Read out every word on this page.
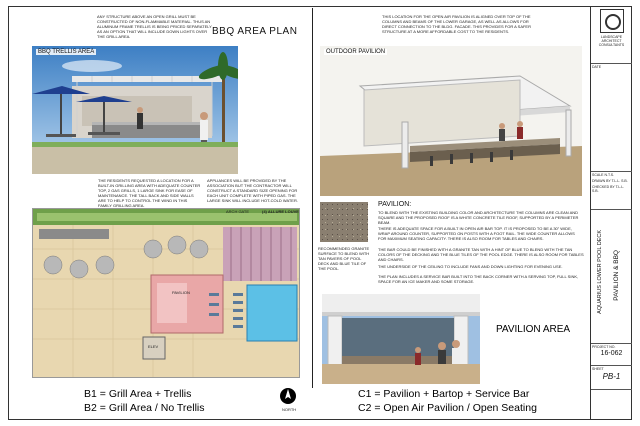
ANY STRUCTURE ABOVE AN OPEN GRILL MUST BE CONSTRUCTED OF NON-FLAMMABLE MATERIAL. THUS AN ALUMINUM FRAME TRELLIS IS BEING PRICED SEPARATELY AS AN OPTION THAT WILL INCLUDE DOWN LIGHTS OVER THE GRILL AREA.	BBQ AREA PLAN
BBQ TRELLIS AREA
THE RESIDENTS REQUESTED A LOCATION FOR A BUILT-IN GRILLING AREA WITH ADEQUATE COUNTER TOP, 2 GAS GRILLS, 1 LARGE SINK FOR EASE OF MAINTENANCE. THE TALL BACK AND SIDE WALLS ARE TO HELP TO CONTROL THE WIND IN THIS FAMILY GRILLING AREA.
APPLIANCES WILL BE PROVIDED BY THE ASSOCIATION BUT THE CONTRACTOR WILL CONSTRUCT A STANDARD SIZE OPENING FOR EACH UNIT COMPLETE WITH PIPED GAS. THE LARGE SINK WILL INCLUDE HOT-COLD WATER.
ARCH GATE	(4) ALLURE LOUVE
PAVILION
ELEV
B1 = Grill Area + Trellis
B2 = Grill Area / No Trellis	NORTH
THIS LOCATION FOR THE OPEN AIR PAVILION IS ALIGNED OVER TOP OF THE COLUMNS AND BEAMS OF THE LOWER GARAGE, AS WELL AS ALLOWS FOR DIRECT CONNECTION TO THE BLDG. FACADE. THIS PROVIDES FOR A SAFER STRUCTURE AT A MORE AFFORDABLE COST TO THE RESIDENTS.
OUTDOOR PAVILION
RECOMMENDED GRANITE SURFACE TO BLEND WITH TAN PAVERS OF POOL DECK AND BLUE TILE OF THE POOL.
PAVILION:
TO BLEND WITH THE EXISTING BUILDING COLOR AND ARCHITECTURE THE COLUMNS ARE CLEAN AND SQUARE AND THE PROPOSED ROOF IS A WHITE CONCRETE TILE ROOF, SUPPORTED BY A PERIMETER BEAM.
THERE IS ADEQUATE SPACE FOR A BUILT IN OPEN AIR BAR TOP. IT IS PROPOSED TO BE A 30" WIDE, WRAP AROUND COUNTER, SUPPORTED ON POSTS WITH A FOOT RAIL. THE WIDE COUNTER ALLOWS FOR MAXIMUM SEATING CAPACITY. THERE IS ALSO ROOM FOR TABLES AND CHAIRS.
THE BAR COULD BE FINISHED WITH A GRANITE TAN WITH A HINT OF BLUE TO BLEND WITH THE TAN COLORS OF THE DECKING AND THE BLUE TILES OF THE POOL EDGE. THERE IS ALSO ROOM FOR TABLES AND CHAIRS.
THE UNDERSIDE OF THE CEILING TO INCLUDE FANS AND DOWN LIGHTING FOR EVENING USE.
THE PLAN INCLUDES A SERVICE BAR BUILT INTO THE BACK CORNER WITH A SERVING TOP, FULL SINK, SPACE FOR AN ICE MAKER AND SOME STORAGE.
PAVILION AREA
C1 = Pavilion + Bartop + Service Bar
C2 = Open Air Pavilion / Open Seating
LANDSCAPE ARCHITECT CONSULTANTS
DATE
SCALE N.T.S.
DRAWN BY T.L.L. S.B.
CHECKED BY T.L.L. S.B.
AQUARIUS LOWER POOL DECK PAVILION & BBQ
PROJECT NO.
16-062
SHEET
PB-1
